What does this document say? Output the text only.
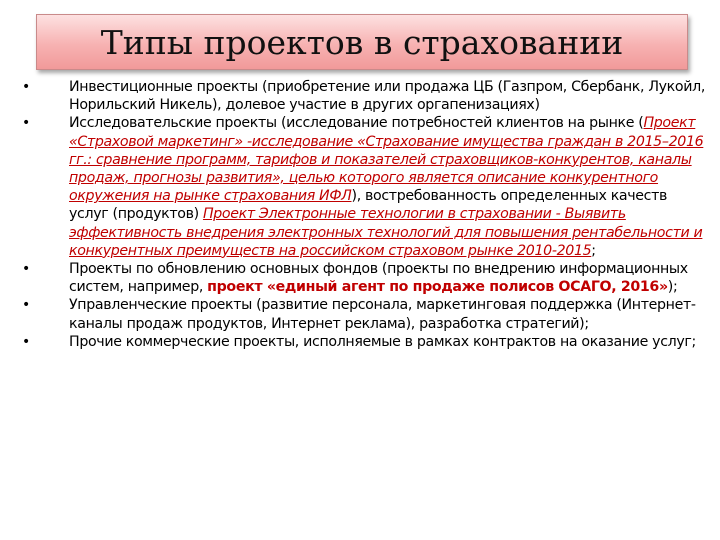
Типы проектов в страховании
•	Инвестиционные проекты (приобретение или продажа ЦБ (Газпром, Сбербанк, Лукойл, Норильский Никель), долевое участие в других оргапенизациях)
•	Исследовательские проекты (исследование потребностей клиентов на рынке (Проект «Страховой маркетинг» -исследование «Страхование имущества граждан в 2015–2016 гг.: сравнение программ, тарифов и показателей страховщиков-конкурентов, каналы продаж, прогнозы развития», целью которого является описание конкурентного окружения на рынке страхования ИФЛ), востребованность определенных качеств услуг (продуктов) Проект Электронные технологии в страховании - Выявить эффективность внедрения электронных технологий для повышения рентабельности и конкурентных преимуществ на российском страховом рынке 2010-2015;
•	Проекты по обновлению основных фондов (проекты по внедрению информационных систем, например, проект «единый агент по продаже полисов ОСАГО, 2016»);
•	Управленческие проекты (развитие персонала, маркетинговая поддержка (Интернет-каналы продаж продуктов, Интернет реклама), разработка стратегий);
•	Прочие коммерческие проекты, исполняемые в рамках контрактов на оказание услуг;
